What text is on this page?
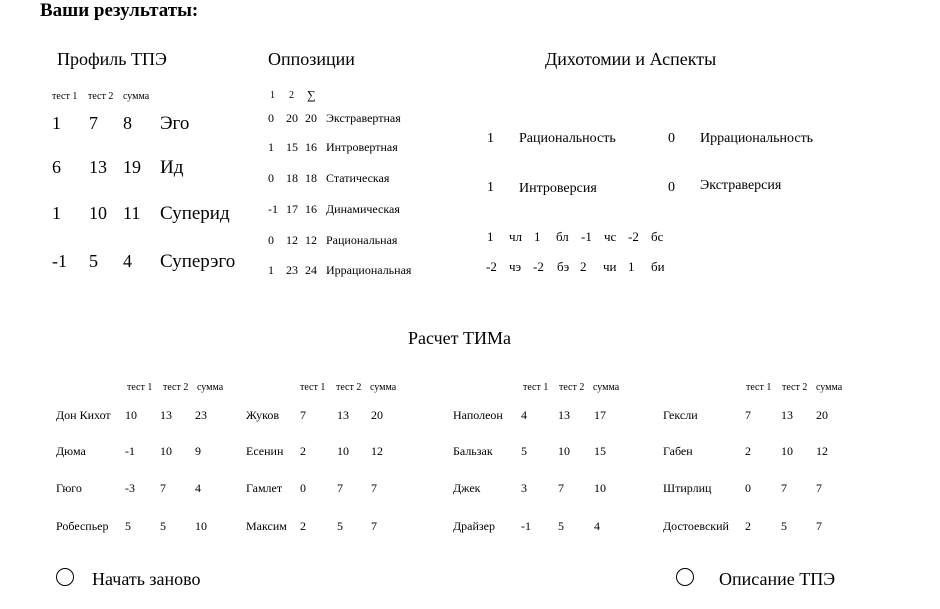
Ваши результаты:
Профиль ТПЭ
тест 1 тест 2 сумма
1 7 8 Эго
6 13 19 Ид
1 10 11 Суперид
-1 5 4 Суперэго
Оппозиции
1 2 ∑
0 20 20 Экстравертная
1 15 16 Интровертная
0 18 18 Статическая
-1 17 16 Динамическая
0 12 12 Рациональная
1 23 24 Иррациональная
Дихотомии и Аспекты
1 Рациональность	0 Иррациональность
1 Интроверсия	0 Экстраверсия
1 чл 1 бл -1 чс -2 бс
-2 чэ -2 бэ 2 чи 1 би
Расчет ТИМа
тест 1 тест 2 сумма
Дон Кихот 10 13 23
Дюма	-1 10 9
Гюго	-3 7 4
Робеспьер 5 5 10
тест 1 тест 2 сумма
Жуков 7	13 20
Есенин 2	10 12
Гамлет 0	7 7
Максим 2	5 7
тест 1 тест 2 сумма
Наполеон 4	13 17
Бальзак 5	10 15
Джек	3	7	10
Драйзер -1 5	4
тест 1 тест 2 сумма
Гексли	7	13 20
Габен	2	10 12
Штирлиц	0	7 7
Достоевский 2	5 7
Начать заново	Описание ТПЭ
